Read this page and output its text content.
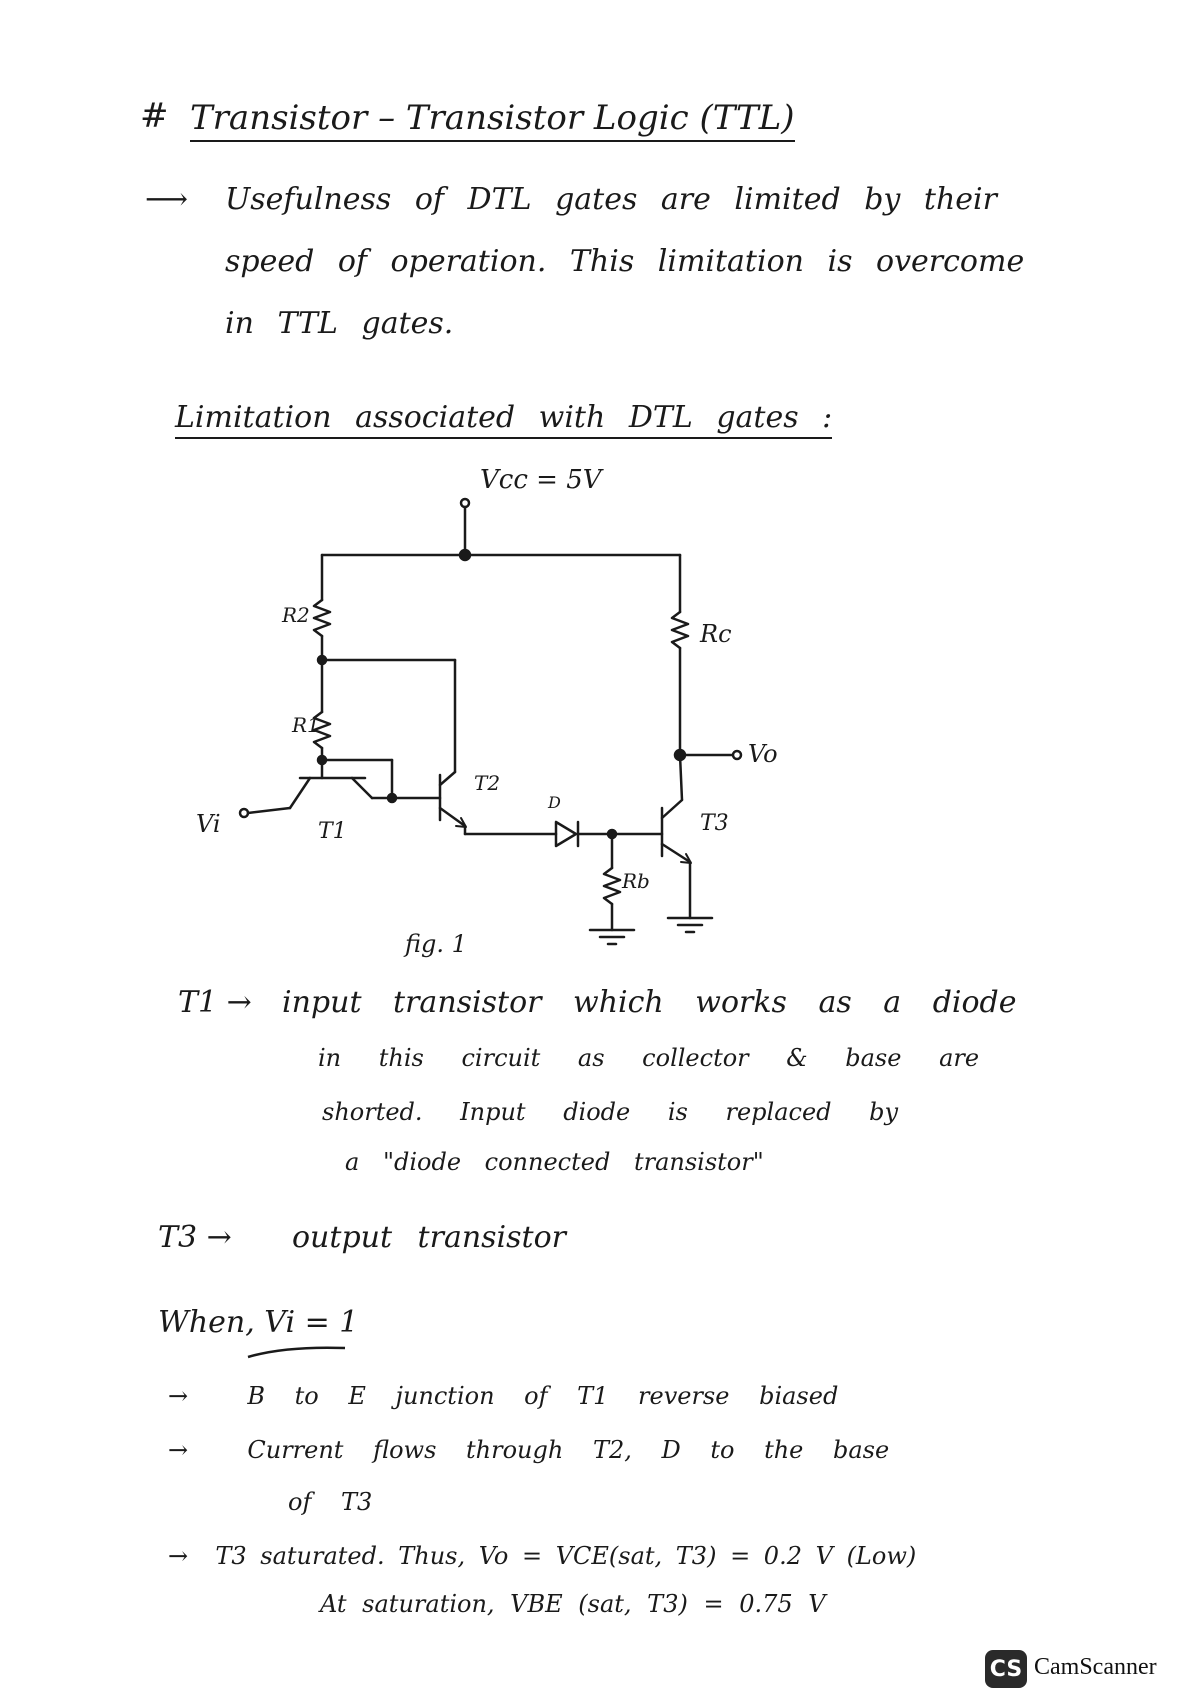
# Transistor – Transistor Logic (TTL)
⟶ Usefulness of DTL gates are limited by their
speed of operation. This limitation is overcome
in TTL gates.
Limitation associated with DTL gates :
Vcc = 5V
R2
R1
Rc
Rb
Vo
Vi	T1
T2
T3
D
fig. 1
T1 → input transistor which works as a diode
in this circuit as collector & base are
shorted. Input diode is replaced by
a "diode connected transistor"
T3 → output transistor
When, Vi = 1
→  B to E junction of T1 reverse biased
→  Current flows through T2, D to the base
of T3
→  T3 saturated. Thus, Vo = VCE(sat, T3) = 0.2 V (Low)
At saturation, VBE (sat, T3) = 0.75 V
CS CamScanner
